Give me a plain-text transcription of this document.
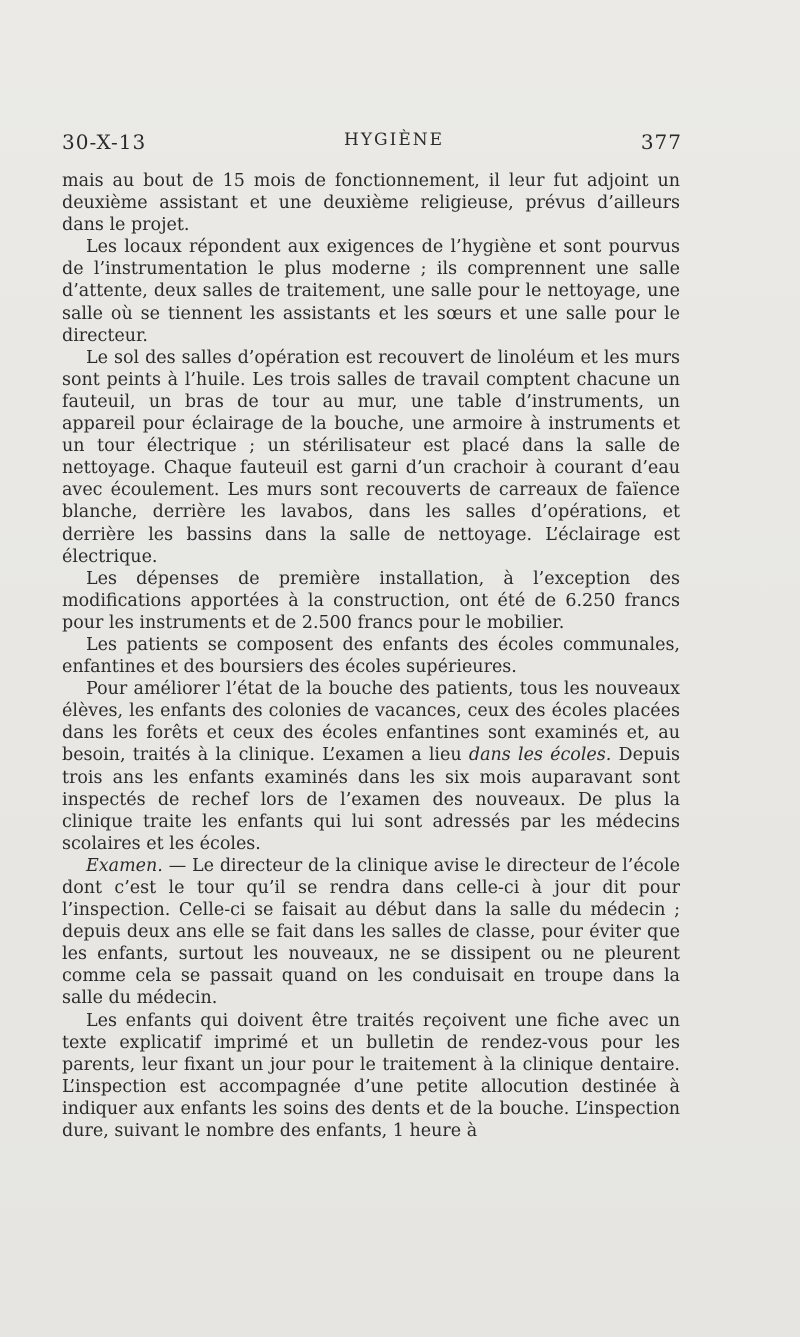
30-X-13	HYGIÈNE	377

mais au bout de 15 mois de fonctionnement, il leur fut adjoint un deuxième assistant et une deuxième religieuse, prévus d’ailleurs dans le projet.

Les locaux répondent aux exigences de l’hygiène et sont pourvus de l’instrumentation le plus moderne ; ils comprennent une salle d’attente, deux salles de traitement, une salle pour le nettoyage, une salle où se tiennent les assistants et les sœurs et une salle pour le directeur.

Le sol des salles d’opération est recouvert de linoléum et les murs sont peints à l’huile. Les trois salles de travail comptent chacune un fauteuil, un bras de tour au mur, une table d’instruments, un appareil pour éclairage de la bouche, une armoire à instruments et un tour électrique ; un stérilisateur est placé dans la salle de nettoyage. Chaque fauteuil est garni d’un crachoir à courant d’eau avec écoulement. Les murs sont recouverts de carreaux de faïence blanche, derrière les lavabos, dans les salles d’opérations, et derrière les bassins dans la salle de nettoyage. L’éclairage est électrique.

Les dépenses de première installation, à l’exception des modifications apportées à la construction, ont été de 6.250 francs pour les instruments et de 2.500 francs pour le mobilier.

Les patients se composent des enfants des écoles communales, enfantines et des boursiers des écoles supérieures.

Pour améliorer l’état de la bouche des patients, tous les nouveaux élèves, les enfants des colonies de vacances, ceux des écoles placées dans les forêts et ceux des écoles enfantines sont examinés et, au besoin, traités à la clinique. L’examen a lieu dans les écoles. Depuis trois ans les enfants examinés dans les six mois auparavant sont inspectés de rechef lors de l’examen des nouveaux. De plus la clinique traite les enfants qui lui sont adressés par les médecins scolaires et les écoles.

Examen. — Le directeur de la clinique avise le directeur de l’école dont c’est le tour qu’il se rendra dans celle-ci à jour dit pour l’inspection. Celle-ci se faisait au début dans la salle du médecin ; depuis deux ans elle se fait dans les salles de classe, pour éviter que les enfants, surtout les nouveaux, ne se dissipent ou ne pleurent comme cela se passait quand on les conduisait en troupe dans la salle du médecin.

Les enfants qui doivent être traités reçoivent une fiche avec un texte explicatif imprimé et un bulletin de rendez-vous pour les parents, leur fixant un jour pour le traitement à la clinique dentaire. L’inspection est accompagnée d’une petite allocution destinée à indiquer aux enfants les soins des dents et de la bouche. L’inspection dure, suivant le nombre des enfants, 1 heure à
